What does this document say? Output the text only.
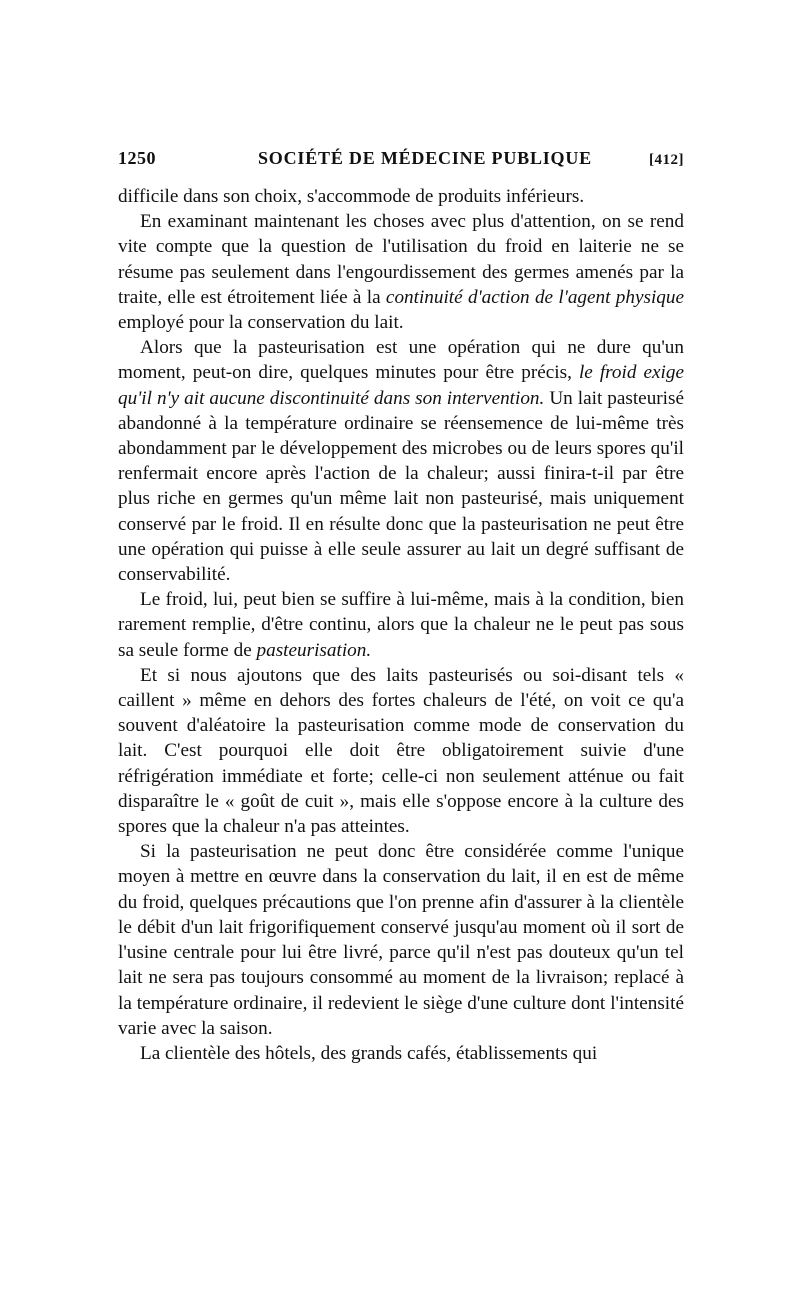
1250	SOCIÉTÉ DE MÉDECINE PUBLIQUE	[412]

difficile dans son choix, s'accommode de produits inférieurs.

En examinant maintenant les choses avec plus d'attention, on se rend vite compte que la question de l'utilisation du froid en laiterie ne se résume pas seulement dans l'engourdissement des germes amenés par la traite, elle est étroitement liée à la continuité d'action de l'agent physique employé pour la conservation du lait.

Alors que la pasteurisation est une opération qui ne dure qu'un moment, peut-on dire, quelques minutes pour être précis, le froid exige qu'il n'y ait aucune discontinuité dans son intervention. Un lait pasteurisé abandonné à la température ordinaire se réensemence de lui-même très abondamment par le développement des microbes ou de leurs spores qu'il renfermait encore après l'action de la chaleur; aussi finira-t-il par être plus riche en germes qu'un même lait non pasteurisé, mais uniquement conservé par le froid. Il en résulte donc que la pasteurisation ne peut être une opération qui puisse à elle seule assurer au lait un degré suffisant de conservabilité.

Le froid, lui, peut bien se suffire à lui-même, mais à la condition, bien rarement remplie, d'être continu, alors que la chaleur ne le peut pas sous sa seule forme de pasteurisation.

Et si nous ajoutons que des laits pasteurisés ou soi-disant tels « caillent » même en dehors des fortes chaleurs de l'été, on voit ce qu'a souvent d'aléatoire la pasteurisation comme mode de conservation du lait. C'est pourquoi elle doit être obligatoirement suivie d'une réfrigération immédiate et forte; celle-ci non seulement atténue ou fait disparaître le « goût de cuit », mais elle s'oppose encore à la culture des spores que la chaleur n'a pas atteintes.

Si la pasteurisation ne peut donc être considérée comme l'unique moyen à mettre en œuvre dans la conservation du lait, il en est de même du froid, quelques précautions que l'on prenne afin d'assurer à la clientèle le débit d'un lait frigorifiquement conservé jusqu'au moment où il sort de l'usine centrale pour lui être livré, parce qu'il n'est pas douteux qu'un tel lait ne sera pas toujours consommé au moment de la livraison; replacé à la température ordinaire, il redevient le siège d'une culture dont l'intensité varie avec la saison.

La clientèle des hôtels, des grands cafés, établissements qui
